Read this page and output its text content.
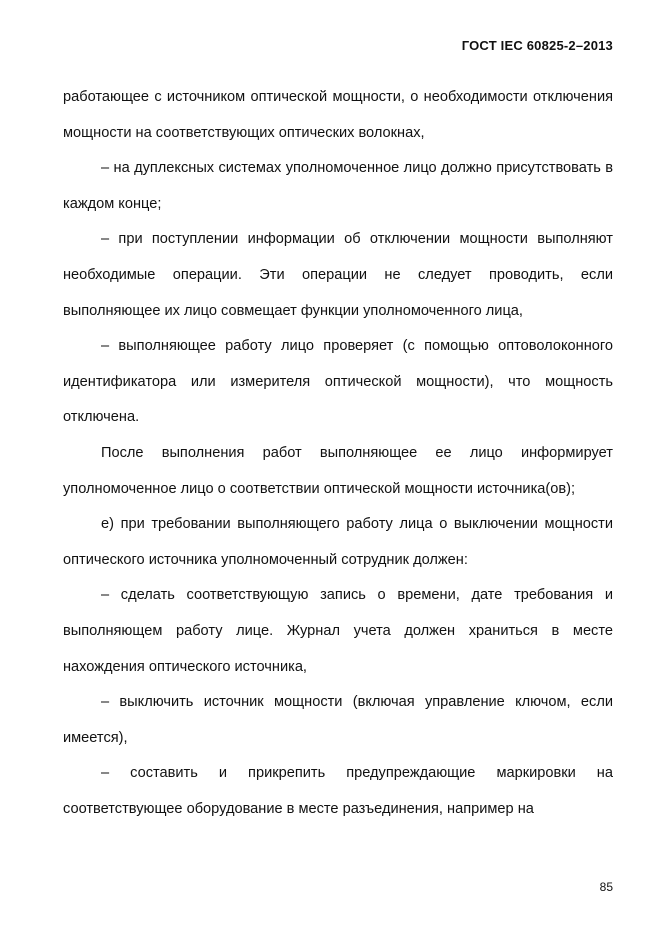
ГОСТ IEC 60825-2–2013

работающее с источником оптической мощности, о необходимости отключения мощности на соответствующих оптических волокнах,

– на дуплексных системах уполномоченное лицо должно присутствовать в каждом конце;

– при поступлении информации об отключении мощности выполняют необходимые операции. Эти операции не следует проводить, если выполняющее их лицо совмещает функции уполномоченного лица,

– выполняющее работу лицо проверяет (с помощью оптоволоконного идентификатора или измерителя оптической мощности), что мощность отключена.

После выполнения работ выполняющее ее лицо информирует уполномоченное лицо о соответствии оптической мощности источника(ов);

е) при требовании выполняющего работу лица о выключении мощности оптического источника уполномоченный сотрудник должен:

– сделать соответствующую запись о времени, дате требования и выполняющем работу лице. Журнал учета должен храниться в месте нахождения оптического источника,

– выключить источник мощности (включая управление ключом, если имеется),

– составить и прикрепить предупреждающие маркировки на соответствующее оборудование в месте разъединения, например на

85
